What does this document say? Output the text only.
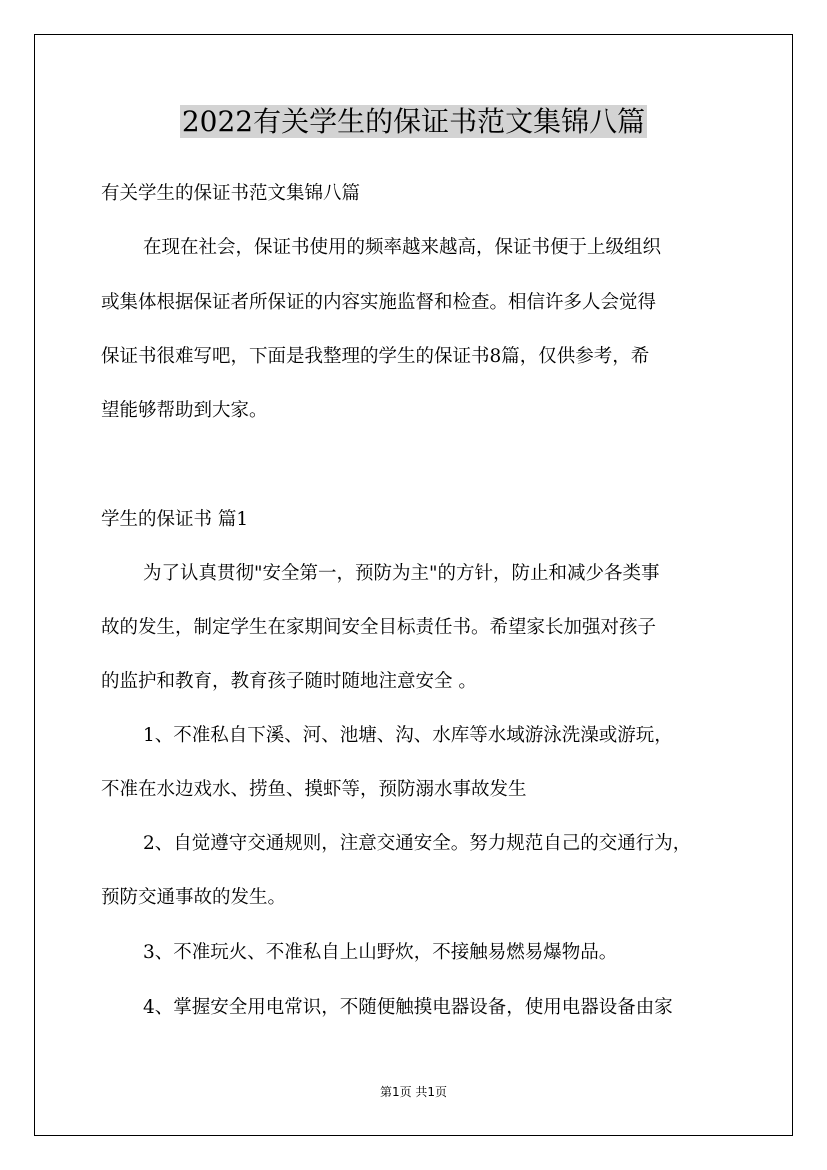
2022有关学生的保证书范文集锦八篇
有关学生的保证书范文集锦八篇
在现在社会，保证书使用的频率越来越高，保证书便于上级组织
或集体根据保证者所保证的内容实施监督和检查。相信许多人会觉得
保证书很难写吧，下面是我整理的学生的保证书8篇，仅供参考，希
望能够帮助到大家。
学生的保证书 篇1
为了认真贯彻"安全第一，预防为主"的方针，防止和减少各类事
故的发生，制定学生在家期间安全目标责任书。希望家长加强对孩子
的监护和教育，教育孩子随时随地注意安全 。
1、不准私自下溪、河、池塘、沟、水库等水域游泳洗澡或游玩，
不准在水边戏水、捞鱼、摸虾等，预防溺水事故发生
2、自觉遵守交通规则，注意交通安全。努力规范自己的交通行为，
预防交通事故的发生。
3、不准玩火、不准私自上山野炊，不接触易燃易爆物品。
4、掌握安全用电常识，不随便触摸电器设备，使用电器设备由家
第1页 共1页
